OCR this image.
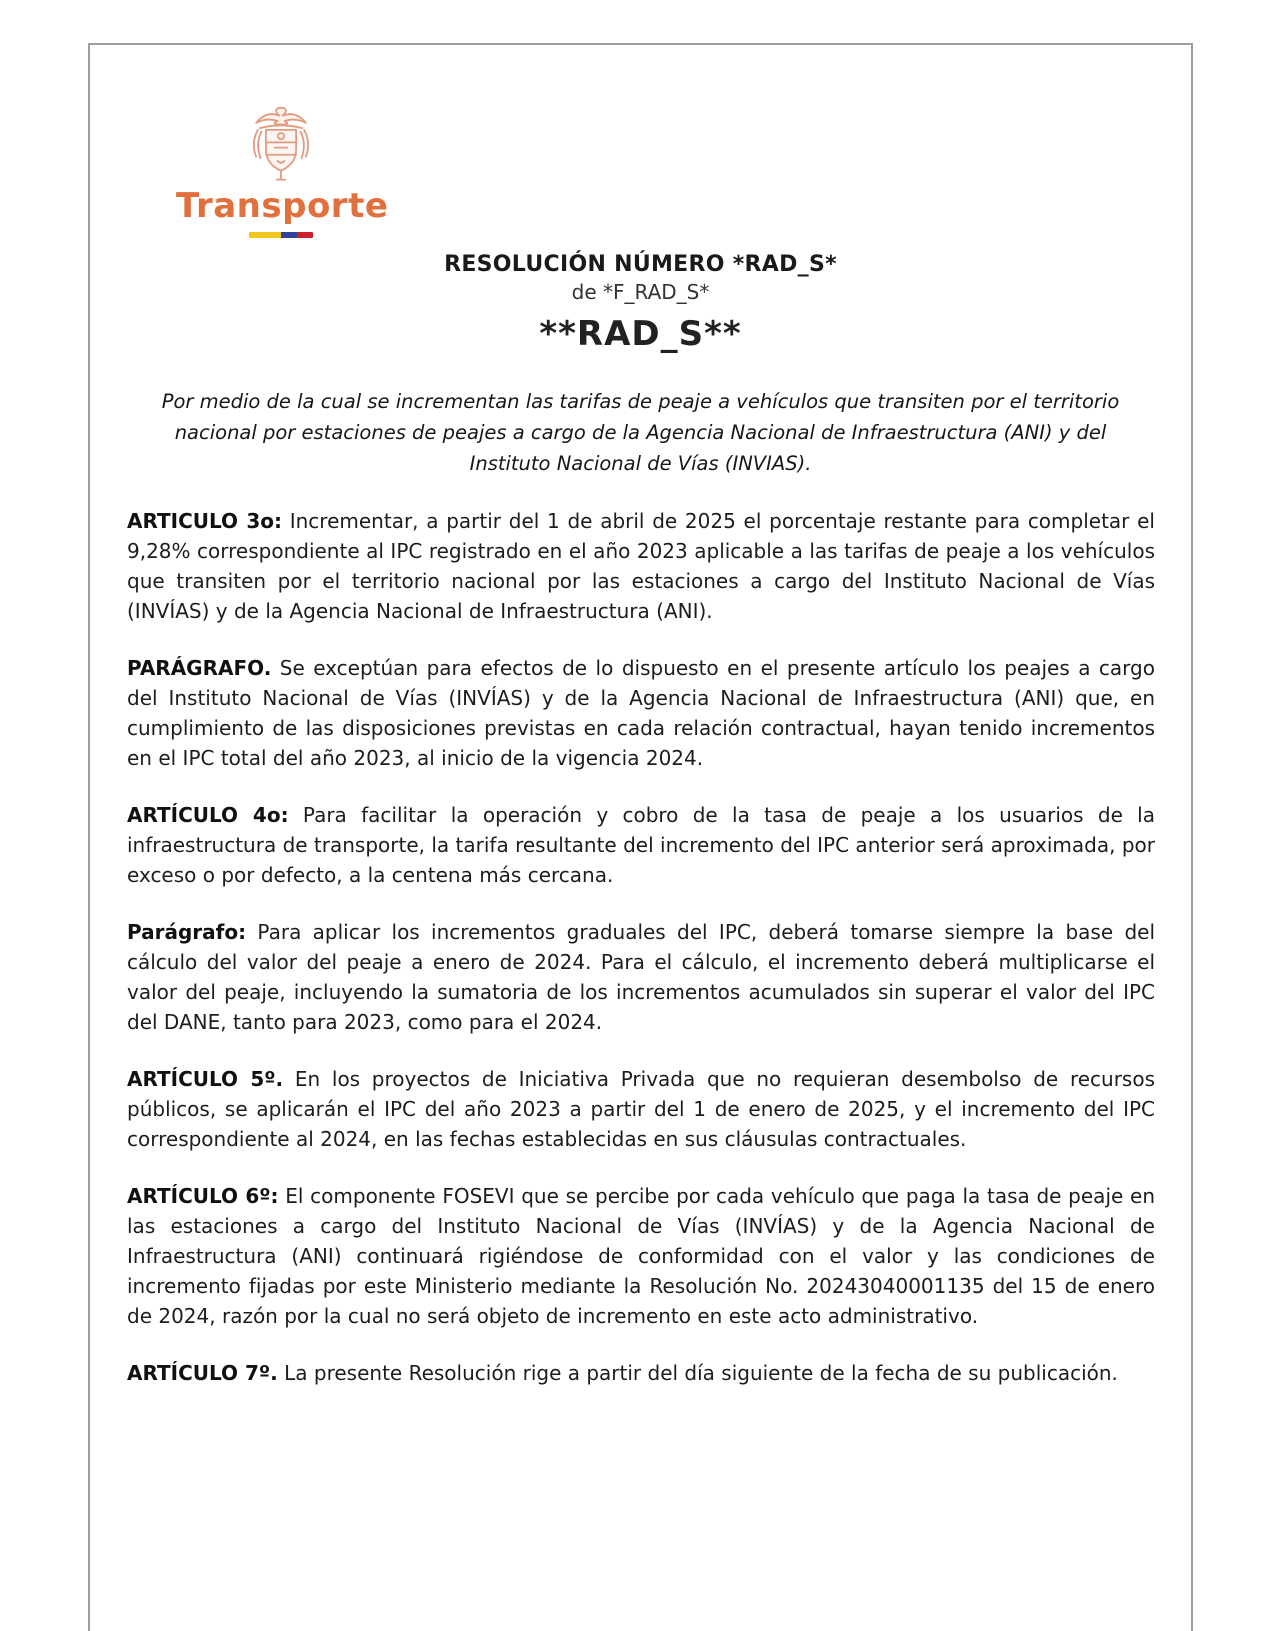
Transporte
RESOLUCIÓN NÚMERO *RAD_S*
de *F_RAD_S*
**RAD_S**
Por medio de la cual se incrementan las tarifas de peaje a vehículos que transiten por el territorio nacional por estaciones de peajes a cargo de la Agencia Nacional de Infraestructura (ANI) y del Instituto Nacional de Vías (INVIAS).

ARTICULO 3o: Incrementar, a partir del 1 de abril de 2025 el porcentaje restante para completar el 9,28% correspondiente al IPC registrado en el año 2023 aplicable a las tarifas de peaje a los vehículos que transiten por el territorio nacional por las estaciones a cargo del Instituto Nacional de Vías (INVÍAS) y de la Agencia Nacional de Infraestructura (ANI).

PARÁGRAFO. Se exceptúan para efectos de lo dispuesto en el presente artículo los peajes a cargo del Instituto Nacional de Vías (INVÍAS) y de la Agencia Nacional de Infraestructura (ANI) que, en cumplimiento de las disposiciones previstas en cada relación contractual, hayan tenido incrementos en el IPC total del año 2023, al inicio de la vigencia 2024.

ARTÍCULO 4o: Para facilitar la operación y cobro de la tasa de peaje a los usuarios de la infraestructura de transporte, la tarifa resultante del incremento del IPC anterior será aproximada, por exceso o por defecto, a la centena más cercana.

Parágrafo: Para aplicar los incrementos graduales del IPC, deberá tomarse siempre la base del cálculo del valor del peaje a enero de 2024. Para el cálculo, el incremento deberá multiplicarse el valor del peaje, incluyendo la sumatoria de los incrementos acumulados sin superar el valor del IPC del DANE, tanto para 2023, como para el 2024.

ARTÍCULO 5º. En los proyectos de Iniciativa Privada que no requieran desembolso de recursos públicos, se aplicarán el IPC del año 2023 a partir del 1 de enero de 2025, y el incremento del IPC correspondiente al 2024, en las fechas establecidas en sus cláusulas contractuales.

ARTÍCULO 6º: El componente FOSEVI que se percibe por cada vehículo que paga la tasa de peaje en las estaciones a cargo del Instituto Nacional de Vías (INVÍAS) y de la Agencia Nacional de Infraestructura (ANI) continuará rigiéndose de conformidad con el valor y las condiciones de incremento fijadas por este Ministerio mediante la Resolución No. 20243040001135 del 15 de enero de 2024, razón por la cual no será objeto de incremento en este acto administrativo.

ARTÍCULO 7º. La presente Resolución rige a partir del día siguiente de la fecha de su publicación.
